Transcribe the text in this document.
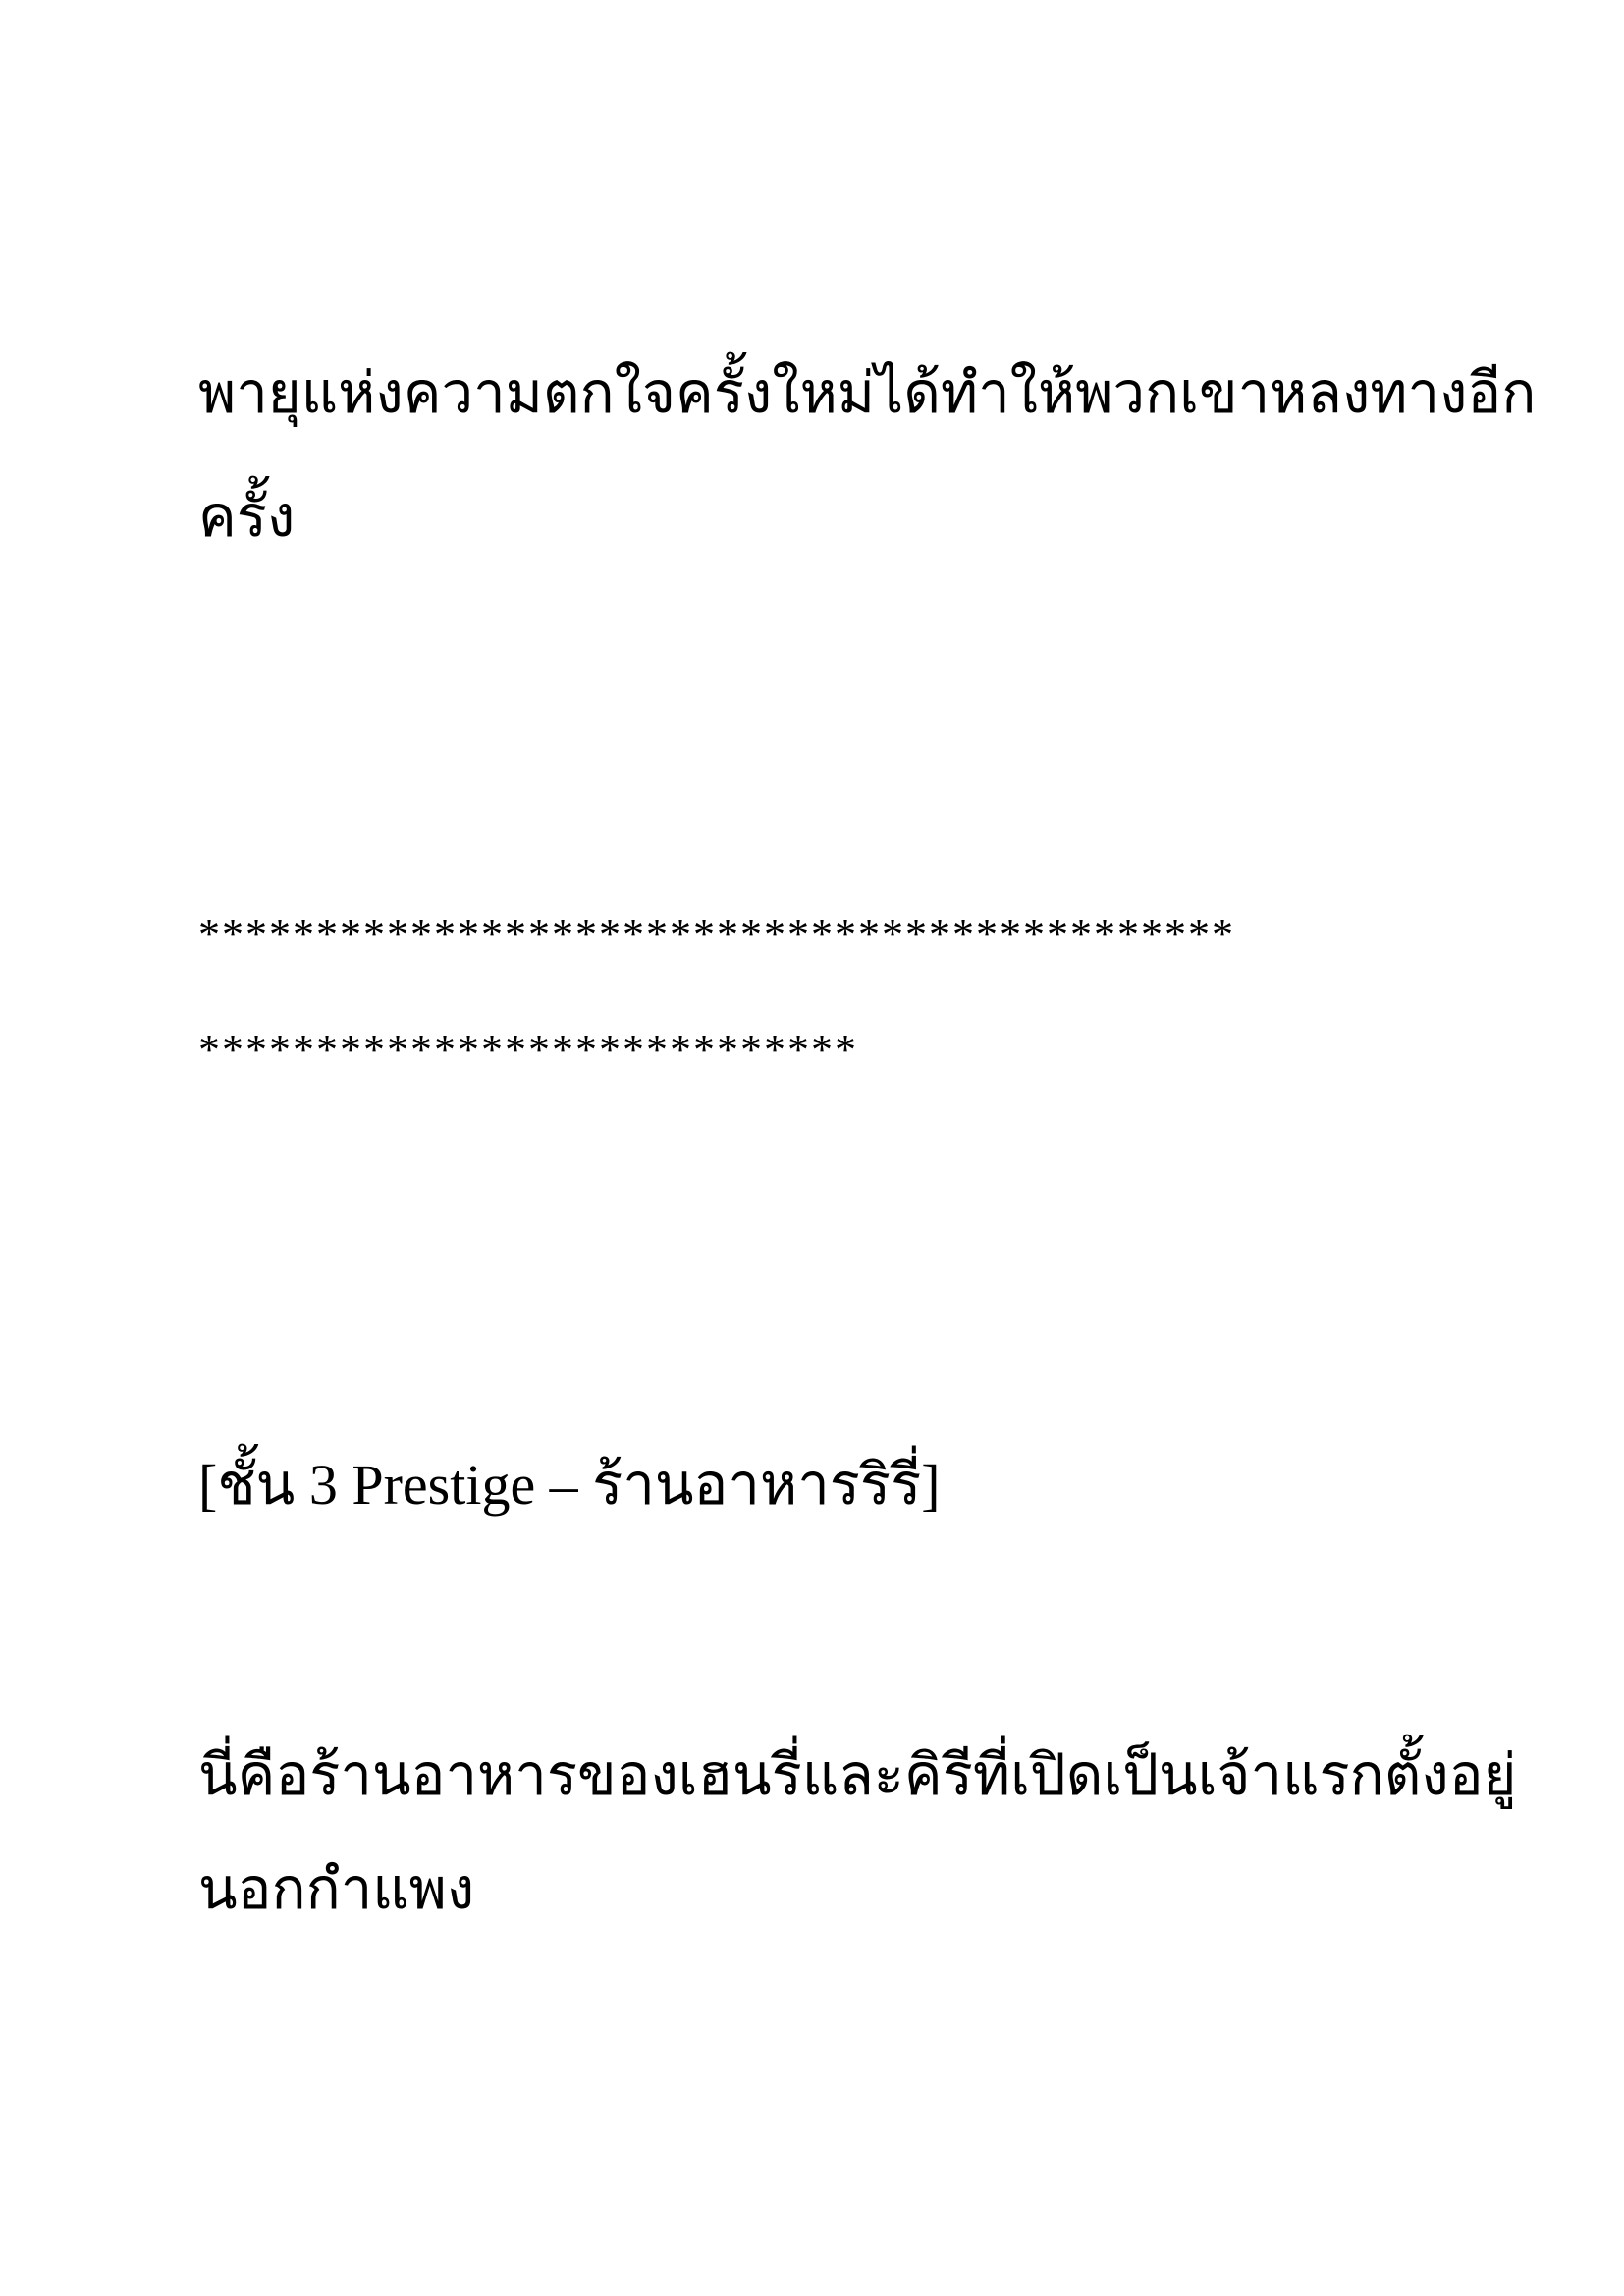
พายุแห่งความตกใจครั้งใหม่ได้ทำให้พวกเขาหลงทางอีก

ครั้ง

********************************************

****************************

[ชั้น 3 Prestige – ร้านอาหารริรี่]

นี่คือร้านอาหารของเฮนรี่และคิรีที่เปิดเป็นเจ้าแรกตั้งอยู่

นอกกำแพง
